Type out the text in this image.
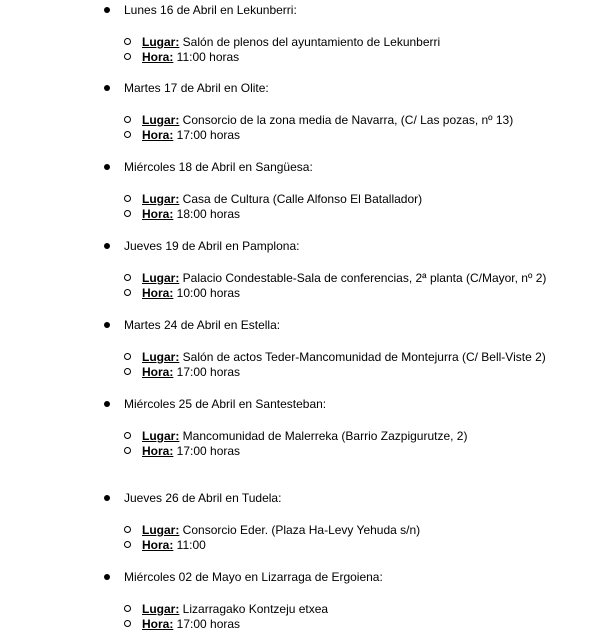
Lunes 16 de Abril en Lekunberri:
Lugar: Salón de plenos del ayuntamiento de Lekunberri
Hora: 11:00 horas
Martes 17 de Abril en Olite:
Lugar: Consorcio de la zona media de Navarra, (C/ Las pozas, nº 13)
Hora: 17:00 horas
Miércoles 18 de Abril en Sangüesa:
Lugar: Casa de Cultura (Calle Alfonso El Batallador)
Hora: 18:00 horas
Jueves 19 de Abril en Pamplona:
Lugar: Palacio Condestable-Sala de conferencias, 2ª planta (C/Mayor, nº 2)
Hora: 10:00 horas
Martes 24 de Abril en Estella:
Lugar: Salón de actos Teder-Mancomunidad de Montejurra (C/ Bell-Viste 2)
Hora: 17:00 horas
Miércoles 25 de Abril en Santesteban:
Lugar: Mancomunidad de Malerreka (Barrio Zazpigurutze, 2)
Hora: 17:00 horas
Jueves 26 de Abril en Tudela:
Lugar: Consorcio Eder. (Plaza Ha-Levy Yehuda s/n)
Hora: 11:00
Miércoles 02 de Mayo en Lizarraga de Ergoiena:
Lugar: Lizarragako Kontzeju etxea
Hora: 17:00 horas
